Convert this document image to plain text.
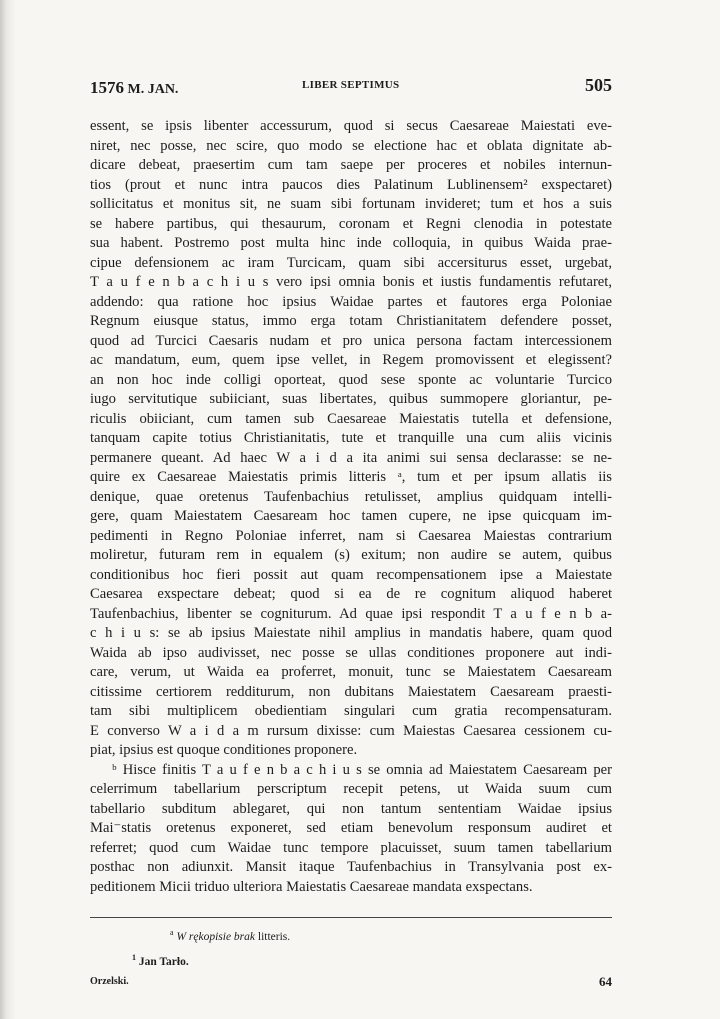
1576 M. JAN.	LIBER SEPTIMUS	505
essent, se ipsis libenter accessurum, quod si secus Caesareae Maiestati eve-
niret, nec posse, nec scire, quo modo se electione hac et oblata dignitate ab-
dicare debeat, praesertim cum tam saepe per proceres et nobiles internun-
tios (prout et nunc intra paucos dies Palatinum Lublinensem² exspectaret)
sollicitatus et monitus sit, ne suam sibi fortunam invideret; tum et hos a suis
se habere partibus, qui thesaurum, coronam et Regni clenodia in potestate
sua habent. Postremo post multa hinc inde colloquia, in quibus Waida prae-
cipue defensionem ac iram Turcicam, quam sibi accersiturus esset, urgebat,
T a u f e n b a c h i u s vero ipsi omnia bonis et iustis fundamentis refutaret,
addendo: qua ratione hoc ipsius Waidae partes et fautores erga Poloniae
Regnum eiusque status, immo erga totam Christianitatem defendere posset,
quod ad Turcici Caesaris nudam et pro unica persona factam intercessionem
ac mandatum, eum, quem ipse vellet, in Regem promovissent et elegissent?
an non hoc inde colligi oporteat, quod sese sponte ac voluntarie Turcico
iugo servitutique subiiciant, suas libertates, quibus summopere gloriantur, pe-
riculis obiiciant, cum tamen sub Caesareae Maiestatis tutella et defensione,
tanquam capite totius Christianitatis, tute et tranquille una cum aliis vicinis
permanere queant. Ad haec W a i d a ita animi sui sensa declarasse: se ne-
quire ex Caesareae Maiestatis primis litteris ᵃ, tum et per ipsum allatis iis
denique, quae oretenus Taufenbachius retulisset, amplius quidquam intelli-
gere, quam Maiestatem Caesaream hoc tamen cupere, ne ipse quicquam im-
pedimenti in Regno Poloniae inferret, nam si Caesarea Maiestas contrarium
moliretur, futuram rem in equalem (s) exitum; non audire se autem, quibus
conditionibus hoc fieri possit aut quam recompensationem ipse a Maiestate
Caesarea exspectare debeat; quod si ea de re cognitum aliquod haberet
Taufenbachius, libenter se cogniturum. Ad quae ipsi respondit T a u f e n b a-
c h i u s: se ab ipsius Maiestate nihil amplius in mandatis habere, quam quod
Waida ab ipso audivisset, nec posse se ullas conditiones proponere aut indi-
care, verum, ut Waida ea proferret, monuit, tunc se Maiestatem Caesaream
citissime certiorem redditurum, non dubitans Maiestatem Caesaream praesti-
tam sibi multiplicem obedientiam singulari cum gratia recompensaturam.
E converso W a i d a m rursum dixisse: cum Maiestas Caesarea cessionem cu-
piat, ipsius est quoque conditiones proponere.
ᵇ Hisce finitis T a u f e n b a c h i u s se omnia ad Maiestatem Caesaream per
celerrimum tabellarium perscriptum recepit petens, ut Waida suum cum
tabellario subditum ablegaret, qui non tantum sententiam Waidae ipsius
Mai⁻statis oretenus exponeret, sed etiam benevolum responsum audiret et
referret; quod cum Waidae tunc tempore placuisset, suum tamen tabellarium
posthac non adiunxit. Mansit itaque Taufenbachius in Transylvania post ex-
peditionem Micii triduo ulteriora Maiestatis Caesareae mandata exspectans.
$^a$ W rękopisie brak litteris.
$^1$ Jan Tarło.
Orzelski.	64
